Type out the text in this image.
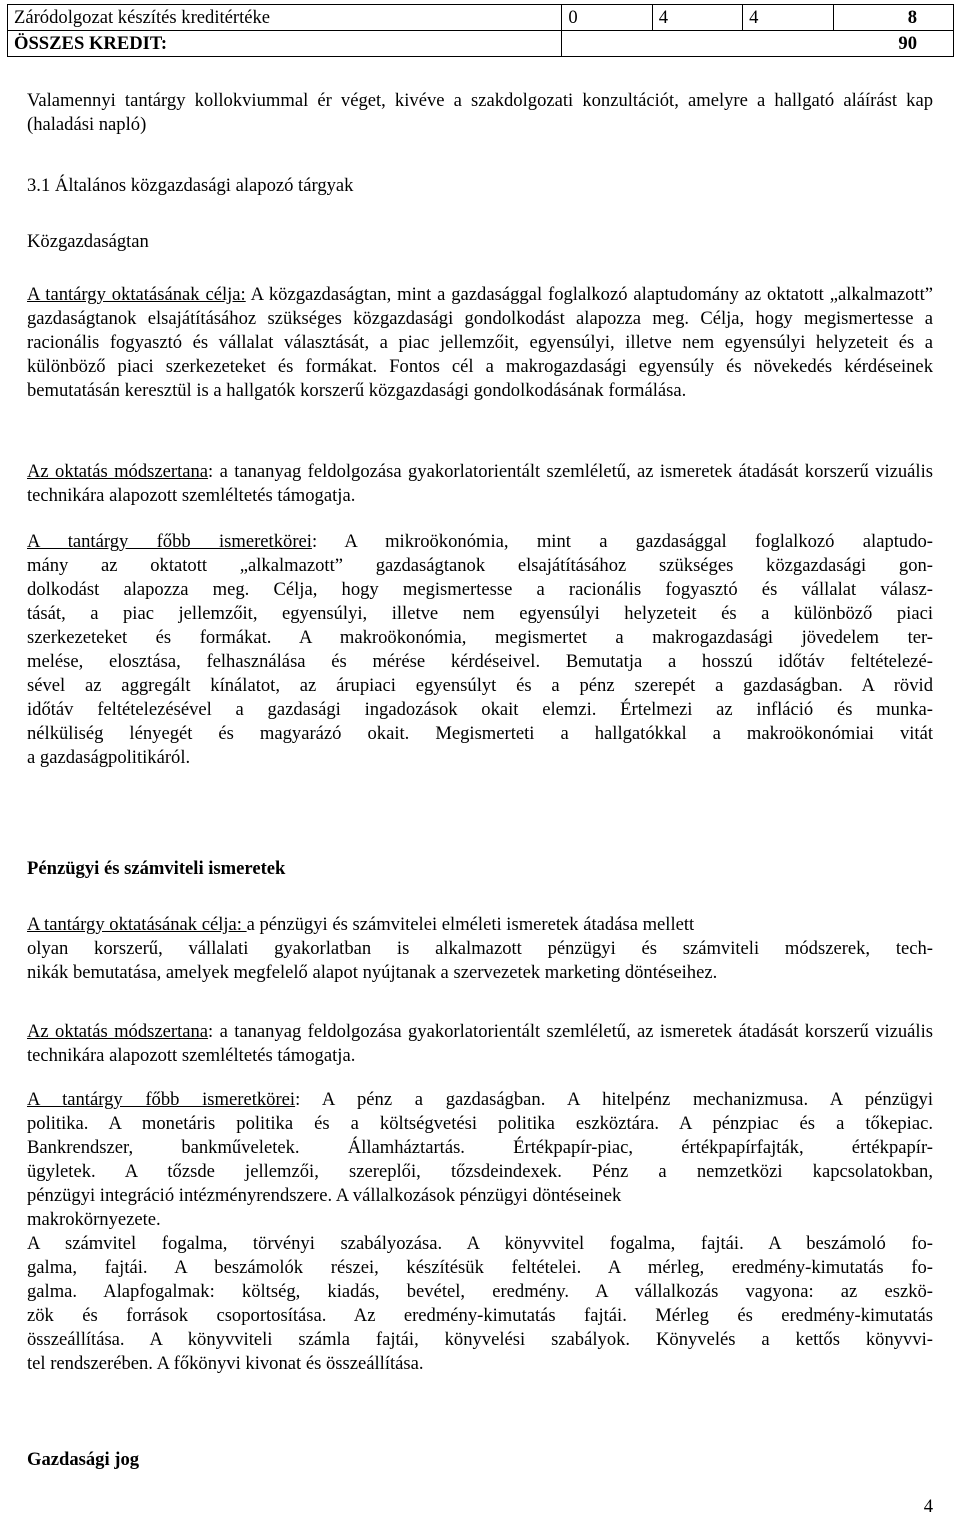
Záródolgozat készítés kreditértéke	0	4	4	8
ÖSSZES KREDIT:	90			

Valamennyi tantárgy kollokviummal ér véget, kivéve a szakdolgozati konzultációt, amelyre a hallgató aláírást kap (haladási napló)

3.1 Általános közgazdasági alapozó tárgyak
Közgazdaságtan

A tantárgy oktatásának célja: A közgazdaságtan, mint a gazdasággal foglalkozó alaptudomány az oktatott „alkalmazott” gazdaságtanok elsajátításához szükséges közgazdasági gondolkodást alapozza meg. Célja, hogy megismertesse a racionális fogyasztó és vállalat választását, a piac jellemzőit, egyensúlyi, illetve nem egyensúlyi helyzeteit és a különböző piaci szerkezeteket és formákat. Fontos cél a makrogazdasági egyensúly és növekedés kérdéseinek bemutatásán keresztül is a hallgatók korszerű közgazdasági gondolkodásának formálása.

Az oktatás módszertana: a tananyag feldolgozása gyakorlatorientált szemléletű, az ismeretek átadását korszerű vizuális technikára alapozott szemléltetés támogatja.

A tantárgy főbb ismeretkörei: A mikroökonómia, mint a gazdasággal foglalkozó alaptudo-
mány az oktatott „alkalmazott” gazdaságtanok elsajátításához szükséges közgazdasági gon-
dolkodást alapozza meg. Célja, hogy megismertesse a racionális fogyasztó és vállalat válasz-
tását, a piac jellemzőit, egyensúlyi, illetve nem egyensúlyi helyzeteit és a különböző piaci
szerkezeteket és formákat. A makroökonómia, megismertet a makrogazdasági jövedelem ter-
melése, elosztása, felhasználása és mérése kérdéseivel. Bemutatja a hosszú időtáv feltételezé-
sével az aggregált kínálatot, az árupiaci egyensúlyt és a pénz szerepét a gazdaságban. A rövid
időtáv feltételezésével a gazdasági ingadozások okait elemzi. Értelmezi az infláció és munka-
nélküliség lényegét és magyarázó okait. Megismerteti a hallgatókkal a makroökonómiai vitát
a gazdaságpolitikáról.
Pénzügyi és számviteli ismeretek
A tantárgy oktatásának célja: a pénzügyi és számvitelei elméleti ismeretek átadása mellett
olyan korszerű, vállalati gyakorlatban is alkalmazott pénzügyi és számviteli módszerek, tech-
nikák bemutatása, amelyek megfelelő alapot nyújtanak a szervezetek marketing döntéseihez.

Az oktatás módszertana: a tananyag feldolgozása gyakorlatorientált szemléletű, az ismeretek átadását korszerű vizuális technikára alapozott szemléltetés támogatja.

A tantárgy főbb ismeretkörei: A pénz a gazdaságban. A hitelpénz mechanizmusa. A pénzügyi
politika. A monetáris politika és a költségvetési politika eszköztára. A pénzpiac és a tőkepiac.
Bankrendszer, bankműveletek. Államháztartás. Értékpapír-piac, értékpapírfajták, értékpapír-
ügyletek. A tőzsde jellemzői, szereplői, tőzsdeindexek. Pénz a nemzetközi kapcsolatokban,
pénzügyi integráció intézményrendszere. A vállalkozások pénzügyi döntéseinek
makrokörnyezete.
A számvitel fogalma, törvényi szabályozása. A könyvvitel fogalma, fajtái. A beszámoló fo-
galma, fajtái. A beszámolók részei, készítésük feltételei. A mérleg, eredmény-kimutatás fo-
galma. Alapfogalmak: költség, kiadás, bevétel, eredmény. A vállalkozás vagyona: az eszkö-
zök és források csoportosítása. Az eredmény-kimutatás fajtái. Mérleg és eredmény-kimutatás
összeállítása. A könyvviteli számla fajtái, könyvelési szabályok. Könyvelés a kettős könyvvi-
tel rendszerében. A főkönyvi kivonat és összeállítása.
Gazdasági jog
4
